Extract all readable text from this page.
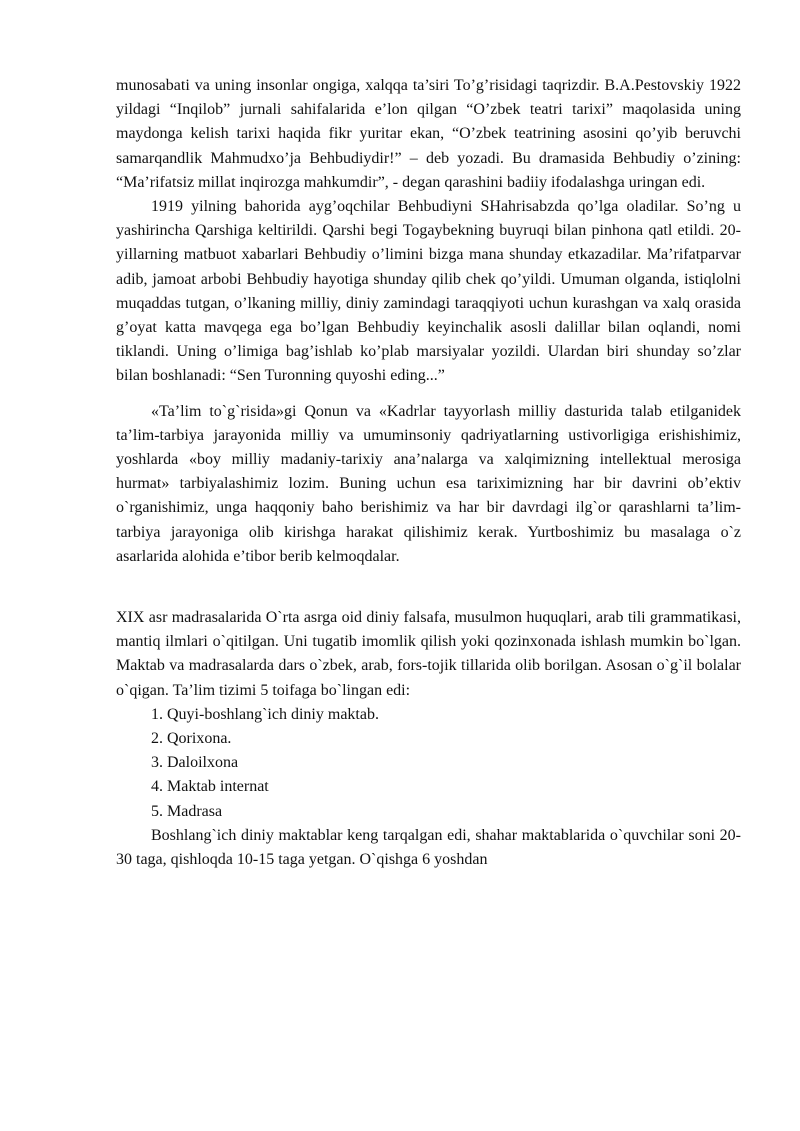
munosabati va uning insonlar ongiga, xalqqa ta’siri To’g’risidagi taqrizdir. B.A.Pestovskiy 1922 yildagi “Inqilob” jurnali sahifalarida e’lon qilgan “O’zbek teatri tarixi” maqolasida uning maydonga kelish tarixi haqida fikr yuritar ekan, “O’zbek teatrining asosini qo’yib beruvchi samarqandlik Mahmudxo’ja Behbudiydir!” – deb yozadi. Bu dramasida Behbudiy o’zining: “Ma’rifatsiz millat inqirozga mahkumdir”, - degan qarashini badiiy ifodalashga uringan edi.

1919 yilning bahorida ayg’oqchilar Behbudiyni SHahrisabzda qo’lga oladilar. So’ng u yashirincha Qarshiga keltirildi. Qarshi begi Togaybekning buyruqi bilan pinhona qatl etildi. 20-yillarning matbuot xabarlari Behbudiy o’limini bizga mana shunday etkazadilar. Ma’rifatparvar adib, jamoat arbobi Behbudiy hayotiga shunday qilib chek qo’yildi. Umuman olganda, istiqlolni muqaddas tutgan, o’lkaning milliy, diniy zamindagi taraqqiyoti uchun kurashgan va xalq orasida g’oyat katta mavqega ega bo’lgan Behbudiy keyinchalik asosli dalillar bilan oqlandi, nomi tiklandi. Uning o’limiga bag’ishlab ko’plab marsiyalar yozildi. Ulardan biri shunday so’zlar bilan boshlanadi: “Sen Turonning quyoshi eding...”

«Ta’lim to`g`risida»gi Qonun va «Kadrlar tayyorlash milliy dasturida talab etilganidek ta’lim-tarbiya jarayonida milliy va umuminsoniy qadriyatlarning ustivorligiga erishishimiz, yoshlarda «boy milliy madaniy-tarixiy ana’nalarga va xalqimizning intellektual merosiga hurmat» tarbiyalashimiz lozim. Buning uchun esa tariximizning har bir davrini ob’ektiv o`rganishimiz, unga haqqoniy baho berishimiz va har bir davrdagi ilg`or qarashlarni ta’lim-tarbiya jarayoniga olib kirishga harakat qilishimiz kerak. Yurtboshimiz bu masalaga o`z asarlarida alohida e’tibor berib kelmoqdalar.

XIX asr madrasalarida O`rta asrga oid diniy falsafa, musulmon huquqlari, arab tili grammatikasi, mantiq ilmlari o`qitilgan. Uni tugatib imomlik qilish yoki qozinxonada ishlash mumkin bo`lgan. Maktab va madrasalarda dars o`zbek, arab, fors-tojik tillarida olib borilgan. Asosan o`g`il bolalar o`qigan. Ta’lim tizimi 5 toifaga bo`lingan edi:

1. Quyi-boshlang`ich diniy maktab.
2. Qorixona.
3. Daloilxona
4. Maktab internat
5. Madrasa

Boshlang`ich diniy maktablar keng tarqalgan edi, shahar maktablarida o`quvchilar soni 20-30 taga, qishloqda 10-15 taga yetgan. O`qishga 6 yoshdan
